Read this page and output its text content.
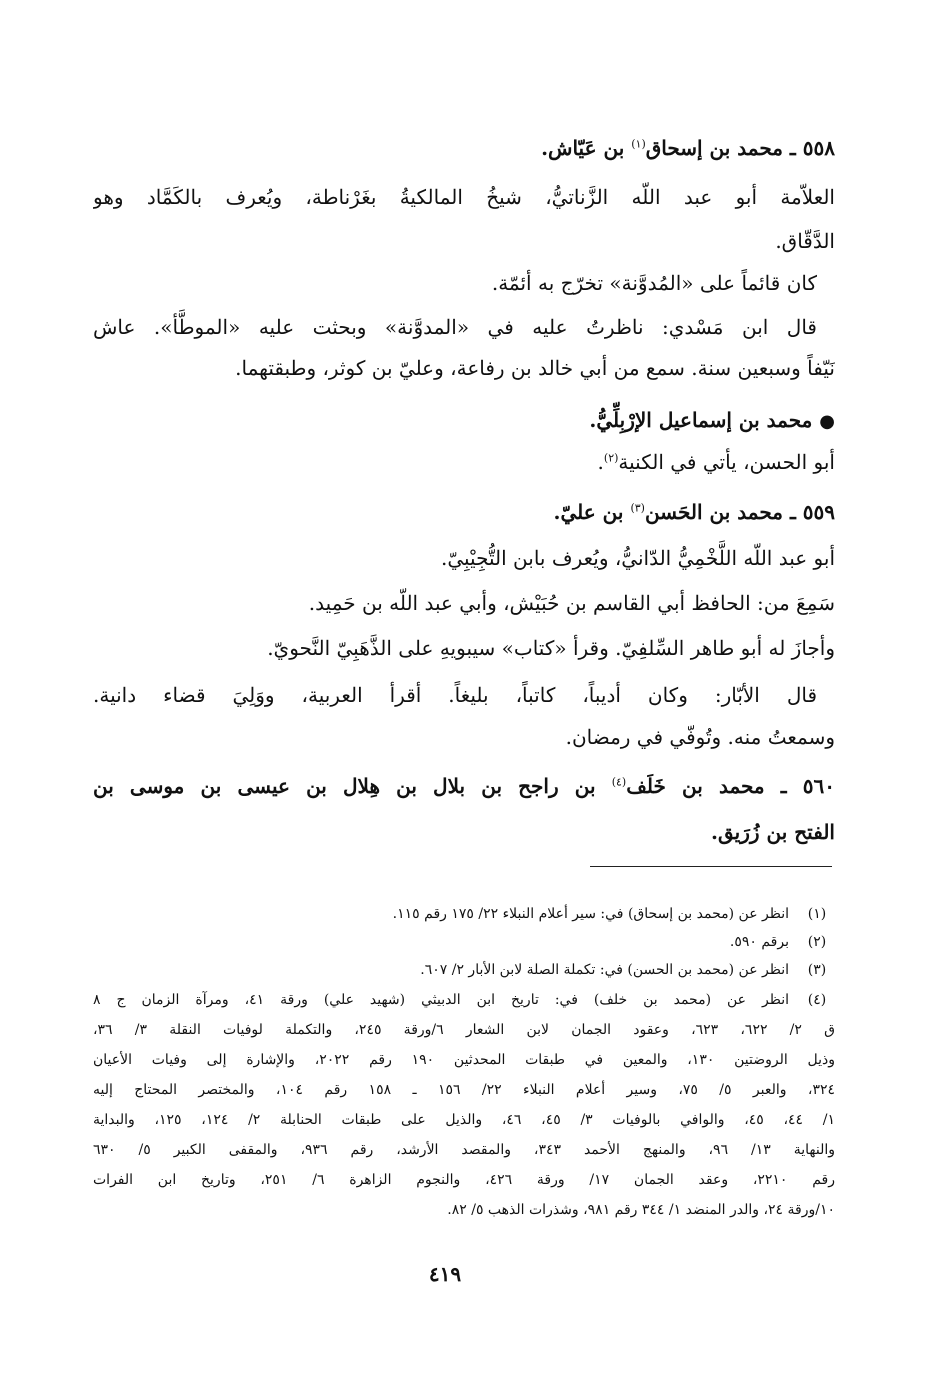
٥٥٨ ـ محمد بن إسحاق$^{(١)}$ بن عَيّاش.
العلاّمة أبو عبد اللّه الزَّناتيُّ، شيخُ المالكيةُ بغَرْناطة، ويُعرف بالكَمَّاد وهو
الدَّقّاق.
كان قائماً على «المُدوَّنة» تخرّج به أئمّة.
قال ابن مَسْدي: ناظرتُ عليه في «المدوَّنة» وبحثت عليه «الموطَّأ». عاش
نَيّفاً وسبعين سنة. سمع من أبي خالد بن رفاعة، وعليّ بن كوثر، وطبقتهما.
● محمد بن إسماعيل الإرْبِلِّيُّ.
أبو الحسن، يأتي في الكنية$^{(٢)}$.
٥٥٩ ـ محمد بن الحَسن$^{(٣)}$ بن عليّ.
أبو عبد اللّه اللَّخْمِيُّ الدّانيُّ، ويُعرف بابن التُّجِيْبِيّ.
سَمِعَ من: الحافظ أبي القاسم بن حُبَيْش، وأبي عبد اللّه بن حَمِيد.
وأجازَ له أبو طاهر السِّلفِيّ. وقرأ «كتاب» سيبويهِ على الذَّهَبِيّ النَّحويّ.
قال الأبّار: وكان أديباً، كاتباً، بليغاً. أقرأ العربية، ووَلِيَ قضاء دانية.
وسمعتُ منه. وتُوفّي في رمضان.
٥٦٠ ـ محمد بن خَلَف$^{(٤)}$ بن راجح بن بلال بن هِلال بن عيسى بن موسى بن
الفتح بن زُرَيق.
(١)
انظر عن (محمد بن إسحاق) في: سير أعلام النبلاء ٢٢/ ١٧٥ رقم ١١٥.
(٢)
برقم ٥٩٠.
(٣)
انظر عن (محمد بن الحسن) في: تكملة الصلة لابن الأبار ٢/ ٦٠٧.
(٤)
انظر عن (محمد بن خلف) في: تاريخ ابن الدبيثي (شهيد علي) ورقة ٤١، ومرآة الزمان ج ٨
ق ٢/ ٦٢٢، ٦٢٣، وعقود الجمان لابن الشعار ٦/ورقة ٢٤٥، والتكملة لوفيات النقلة ٣/ ٣٦،
وذيل الروضتين ١٣٠، والمعين في طبقات المحدثين ١٩٠ رقم ٢٠٢٢، والإشارة إلى وفيات الأعيان
٣٢٤، والعبر ٥/ ٧٥، وسير أعلام النبلاء ٢٢/ ١٥٦ ـ ١٥٨ رقم ١٠٤، والمختصر المحتاج إليه
١/ ٤٤، ٤٥، والوافي بالوفيات ٣/ ٤٥، ٤٦، والذيل على طبقات الحنابلة ٢/ ١٢٤، ١٢٥، والبداية
والنهاية ١٣/ ٩٦، والمنهج الأحمد ٣٤٣، والمقصد الأرشد، رقم ٩٣٦، والمقفى الكبير ٥/ ٦٣٠
رقم ٢٢١٠، وعقد الجمان ١٧/ ورقة ٤٢٦، والنجوم الزاهرة ٦/ ٢٥١، وتاريخ ابن الفرات
١٠/ورقة ٢٤، والدر المنضد ١/ ٣٤٤ رقم ٩٨١، وشذرات الذهب ٥/ ٨٢.
٤١٩
